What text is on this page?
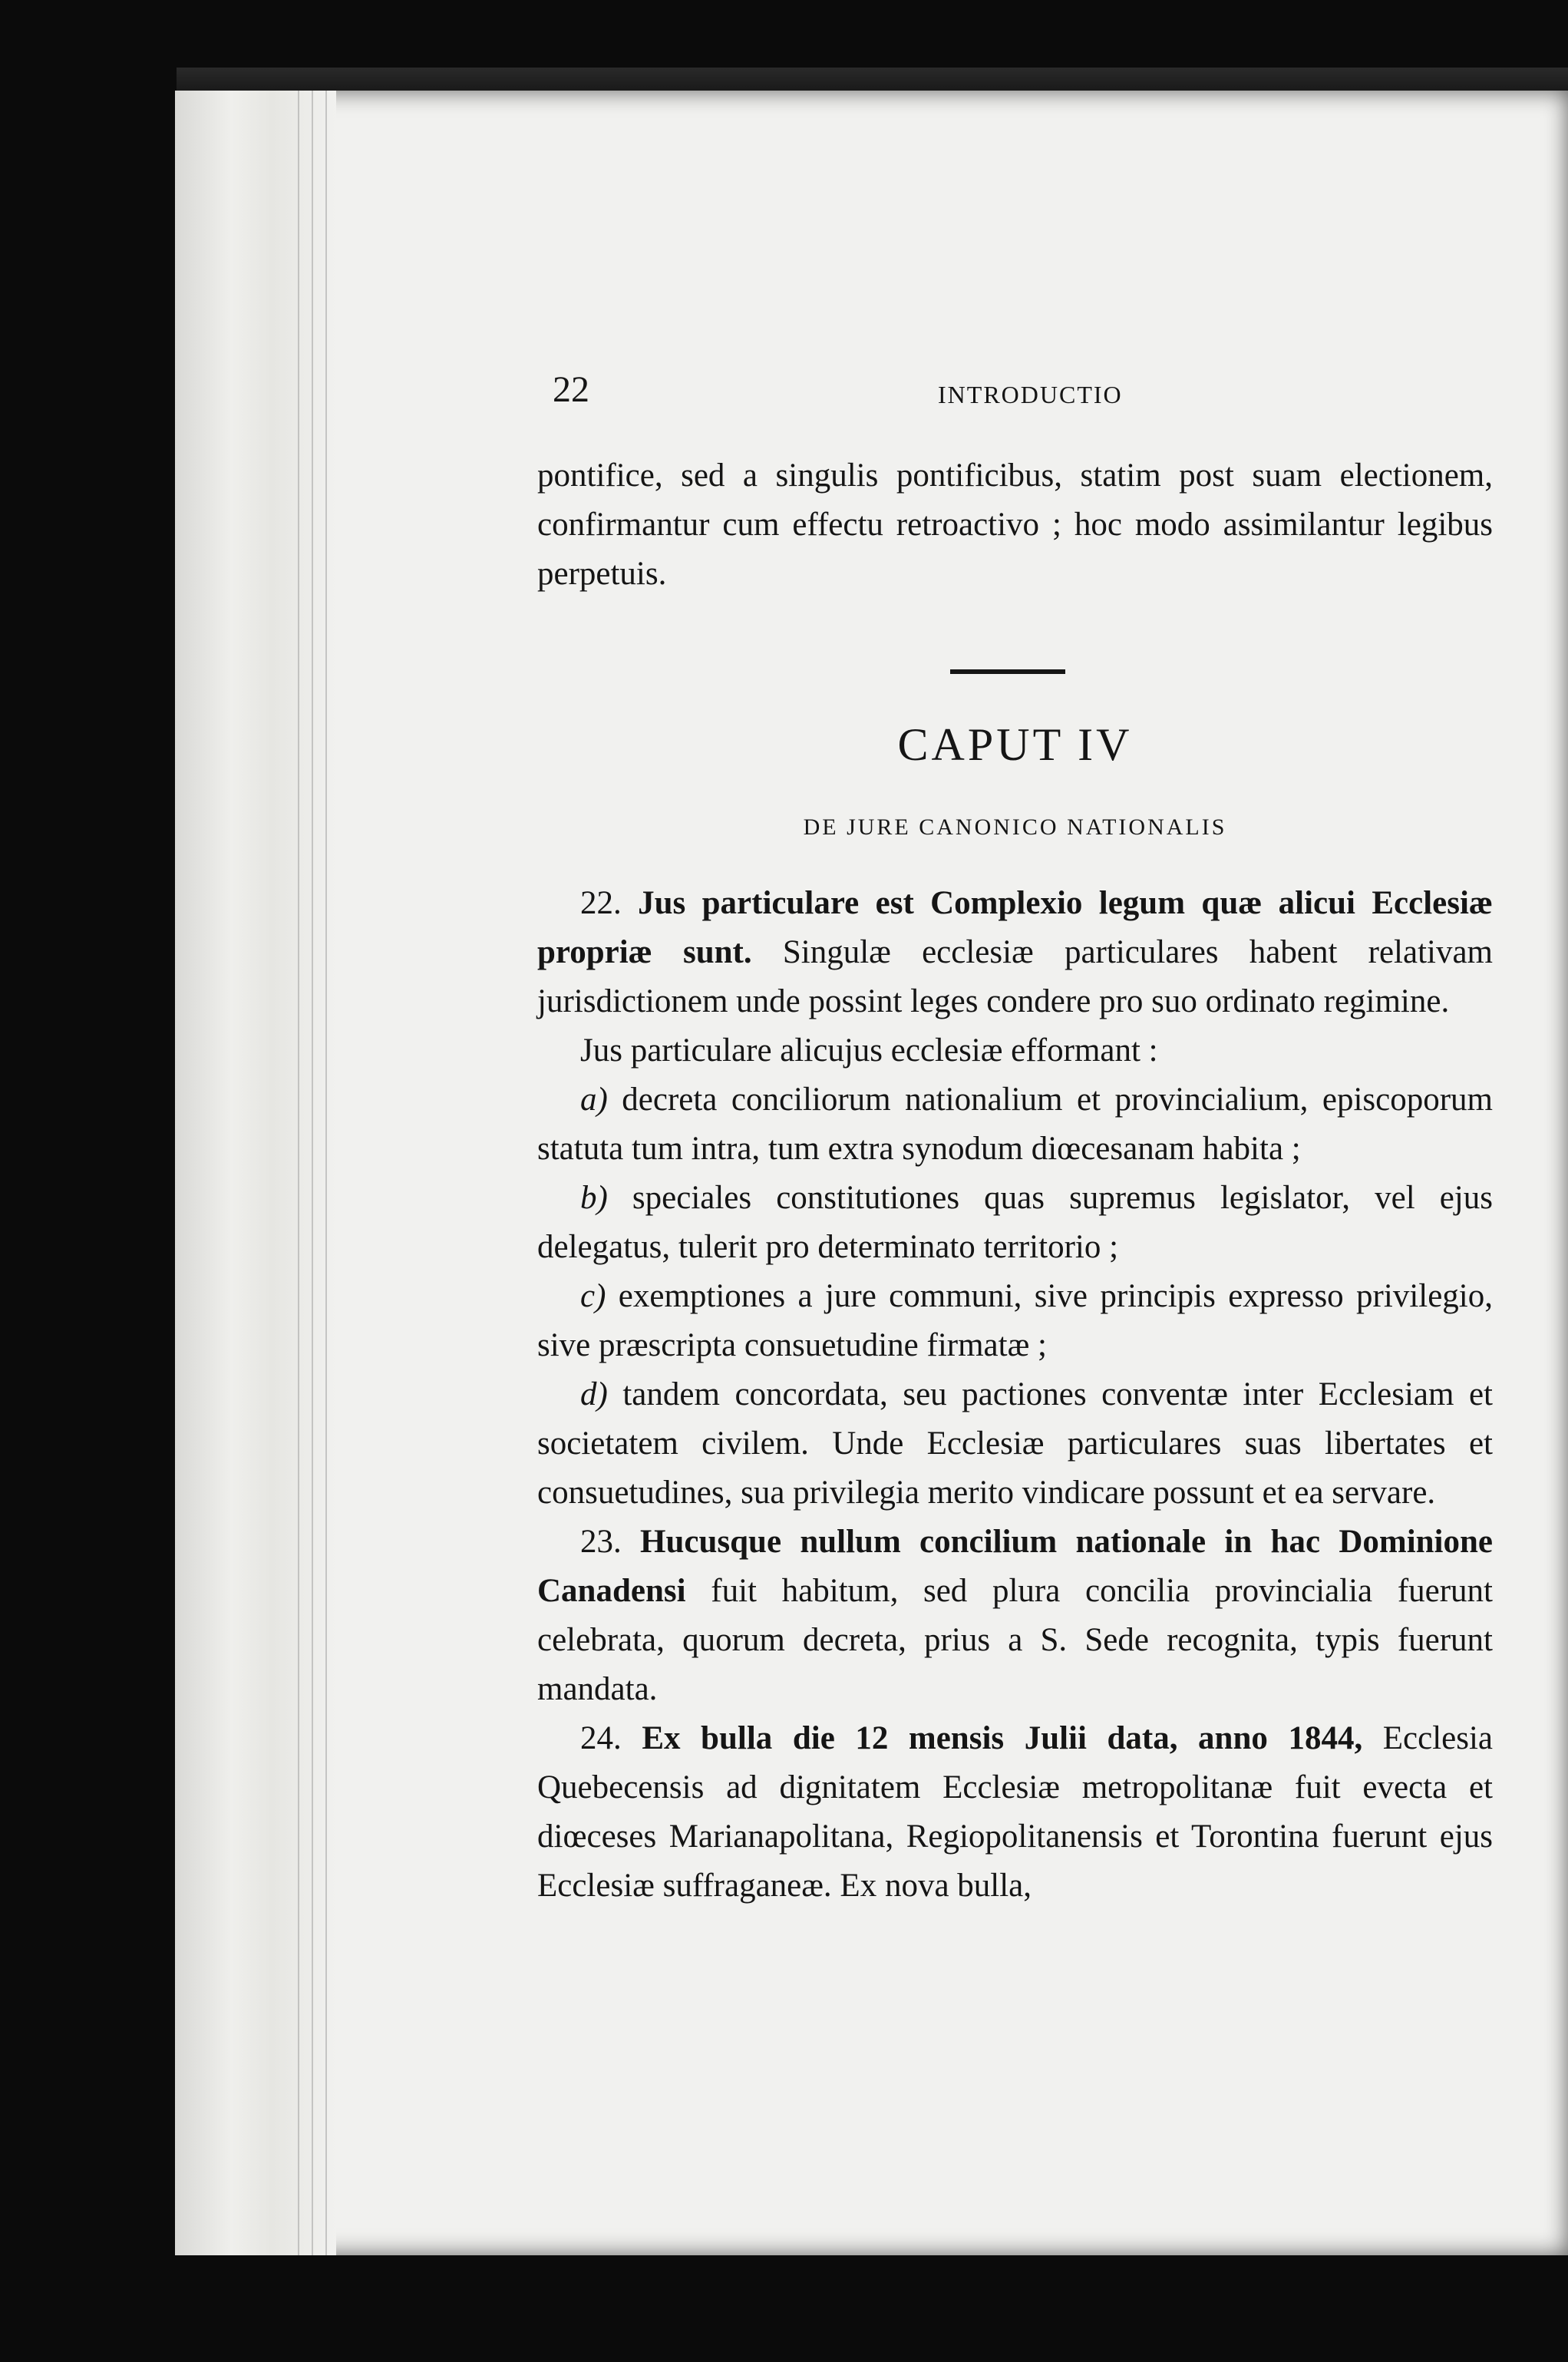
22	INTRODUCTIO

pontifice, sed a singulis pontificibus, statim post suam electionem, confirmantur cum effectu retroactivo ; hoc modo assimilantur legibus perpetuis.

CAPUT IV
DE JURE CANONICO NATIONALIS

22. Jus particulare est Complexio legum quæ alicui Ecclesiæ propriæ sunt. Singulæ ecclesiæ particulares habent relativam jurisdictionem unde possint leges condere pro suo ordinato regimine.

Jus particulare alicujus ecclesiæ efformant :

a) decreta conciliorum nationalium et provincialium, episcoporum statuta tum intra, tum extra synodum diœcesanam habita ;

b) speciales constitutiones quas supremus legislator, vel ejus delegatus, tulerit pro determinato territorio ;

c) exemptiones a jure communi, sive principis expresso privilegio, sive præscripta consuetudine firmatæ ;

d) tandem concordata, seu pactiones conventæ inter Ecclesiam et societatem civilem. Unde Ecclesiæ particulares suas libertates et consuetudines, sua privilegia merito vindicare possunt et ea servare.

23. Hucusque nullum concilium nationale in hac Dominione Canadensi fuit habitum, sed plura concilia provincialia fuerunt celebrata, quorum decreta, prius a S. Sede recognita, typis fuerunt mandata.

24. Ex bulla die 12 mensis Julii data, anno 1844, Ecclesia Quebecensis ad dignitatem Ecclesiæ metropolitanæ fuit evecta et diœceses Marianapolitana, Regiopolitanensis et Torontina fuerunt ejus Ecclesiæ suffraganeæ. Ex nova bulla,
